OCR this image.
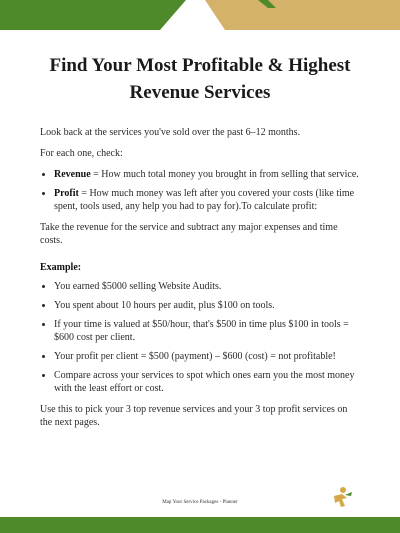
Find Your Most Profitable & Highest Revenue Services

Look back at the services you've sold over the past 6–12 months.

For each one, check:

• Revenue = How much total money you brought in from selling that service.
• Profit = How much money was left after you covered your costs (like time spent, tools used, any help you had to pay for).To calculate profit:

Take the revenue for the service and subtract any major expenses and time costs.

Example:

• You earned $5000 selling Website Audits.
• You spent about 10 hours per audit, plus $100 on tools.
• If your time is valued at $50/hour, that's $500 in time plus $100 in tools = $600 cost per client.
• Your profit per client = $500 (payment) – $600 (cost) = not profitable!
• Compare across your services to spot which ones earn you the most money with the least effort or cost.

Use this to pick your 3 top revenue services and your 3 top profit services on the next pages.

Map Your Service Packages - Planner
